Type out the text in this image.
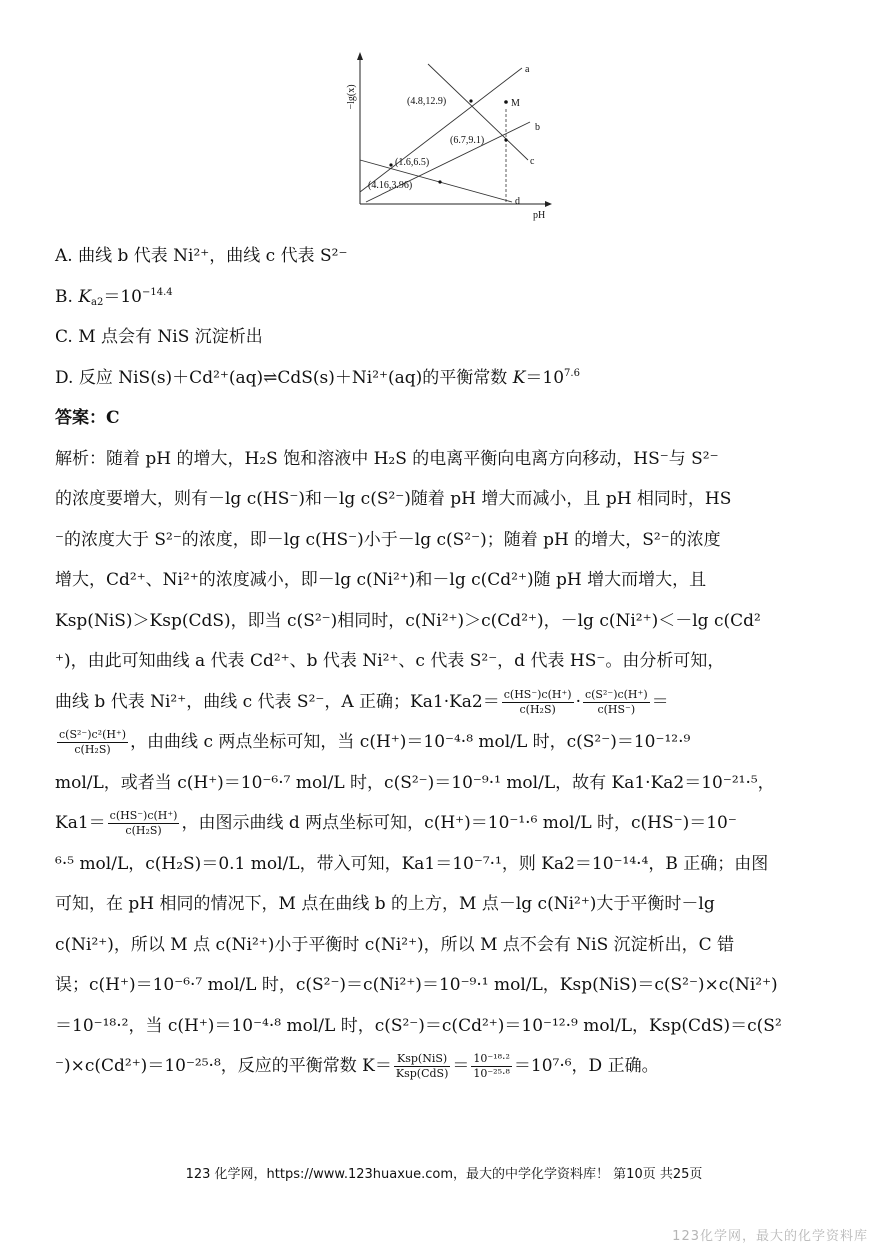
−lg(x)
pH
a
b
c
d
M
(4.8,12.9)
(6.7,9.1)
(1.6,6.5)
(4.16,3.96)
A. 曲线 b 代表 Ni²⁺，曲线 c 代表 S²⁻
B. $K_{a2}=10^{-14.4}$
C. M 点会有 NiS 沉淀析出
D. 反应 NiS(s)＋Cd²⁺(aq)⇌CdS(s)＋Ni²⁺(aq)的平衡常数 $K=10^{7.6}$
答案：C
解析：随着 pH 的增大，H₂S 饱和溶液中 H₂S 的电离平衡向电离方向移动，HS⁻与 S²⁻
的浓度要增大，则有－lg c(HS⁻)和－lg c(S²⁻)随着 pH 增大而减小，且 pH 相同时，HS
⁻的浓度大于 S²⁻的浓度，即－lg c(HS⁻)小于－lg c(S²⁻)；随着 pH 的增大，S²⁻的浓度
增大，Cd²⁺、Ni²⁺的浓度减小，即－lg c(Ni²⁺)和－lg c(Cd²⁺)随 pH 增大而增大，且
Ksp(NiS)＞Ksp(CdS)，即当 c(S²⁻)相同时，c(Ni²⁺)＞c(Cd²⁺)，－lg c(Ni²⁺)＜－lg c(Cd²
⁺)，由此可知曲线 a 代表 Cd²⁺、b 代表 Ni²⁺、c 代表 S²⁻，d 代表 HS⁻。由分析可知，
曲线 b 代表 Ni²⁺，曲线 c 代表 S²⁻，A 正确；$Ka1\cdot Ka2= \frac{c(HS^-)c(H^+)}{\text{c(H₂S)}} \cdot \frac{\text{c(S²⁻)c(H⁺)}}{c(HS^-)}$ ＝
$\frac{\text{c(S²⁻)c²(H⁺)}}{\text{c(H₂S)}}$ ，由曲线 c 两点坐标可知，当 c(H⁺)＝10⁻⁴·⁸ mol/L 时，c(S²⁻)＝10⁻¹²·⁹
mol/L，或者当 c(H⁺)＝10⁻⁶·⁷ mol/L 时，c(S²⁻)＝10⁻⁹·¹ mol/L，故有 Ka1·Ka2＝10⁻²¹·⁵，
$Ka1= \frac{c(HS^-)c(H^+)}{\text{c(H₂S)}}$ ，由图示曲线 d 两点坐标可知，c(H⁺)＝10⁻¹·⁶ mol/L 时，c(HS⁻)＝10⁻
⁶·⁵ mol/L，c(H₂S)＝0.1 mol/L，带入可知，Ka1＝10⁻⁷·¹，则 Ka2＝10⁻¹⁴·⁴，B 正确；由图
可知，在 pH 相同的情况下，M 点在曲线 b 的上方，M 点－lg c(Ni²⁺)大于平衡时－lg
c(Ni²⁺)，所以 M 点 c(Ni²⁺)小于平衡时 c(Ni²⁺)，所以 M 点不会有 NiS 沉淀析出，C 错
误；c(H⁺)＝10⁻⁶·⁷ mol/L 时，c(S²⁻)＝c(Ni²⁺)＝10⁻⁹·¹ mol/L，Ksp(NiS)＝c(S²⁻)×c(Ni²⁺)
＝10⁻¹⁸·²，当 c(H⁺)＝10⁻⁴·⁸ mol/L 时，c(S²⁻)＝c(Cd²⁺)＝10⁻¹²·⁹ mol/L，Ksp(CdS)＝c(S²
⁻)×c(Cd²⁺)＝10⁻²⁵·⁸，反应的平衡常数 $K= \frac{\text{Ksp(NiS)}}{\text{Ksp(CdS)}} = \frac{\text{10⁻¹⁸·²}}{\text{10⁻²⁵·⁸}} =10^7\cdot^6$，D 正确。
123 化学网，https://www.123huaxue.com，最大的中学化学资料库！ 第10页 共25页
123化学网，最大的化学资料库
